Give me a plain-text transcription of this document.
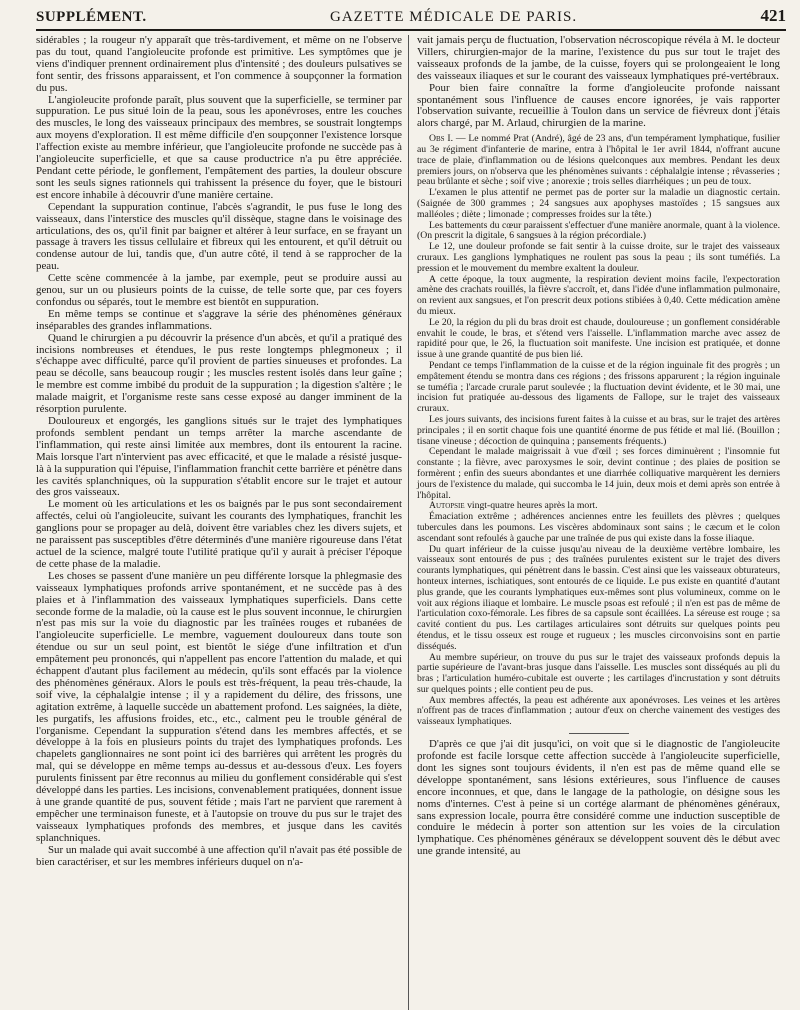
SUPPLÉMENT.	GAZETTE MÉDICALE DE PARIS.	421

sidérables ; la rougeur n'y apparaît que très-tardivement, et même on ne l'observe pas du tout, quand l'angioleucite profonde est primitive. Les symptômes que je viens d'indiquer prennent ordinairement plus d'intensité ; des douleurs pulsatives se font sentir, des frissons apparaissent, et l'on commence à soupçonner la formation du pus.

L'angioleucite profonde paraît, plus souvent que la superficielle, se terminer par suppuration. Le pus situé loin de la peau, sous les aponévroses, entre les couches des muscles, le long des vaisseaux principaux des membres, se soustrait longtemps aux moyens d'exploration. Il est même difficile d'en soupçonner l'existence lorsque l'affection existe au membre inférieur, que l'angioleucite profonde ne succède pas à l'angioleucite superficielle, et que sa cause productrice n'a pu être appréciée. Pendant cette période, le gonflement, l'empâtement des parties, la douleur obscure sont les seuls signes rationnels qui trahissent la présence du foyer, que le bistouri est encore inhabile à découvrir d'une manière certaine.

Cependant la suppuration continue, l'abcès s'agrandit, le pus fuse le long des vaisseaux, dans l'interstice des muscles qu'il dissèque, stagne dans le voisinage des articulations, des os, qu'il finit par baigner et altérer à leur surface, en se frayant un passage à travers les tissus cellulaire et fibreux qui les entourent, et qu'il détruit ou condense autour de lui, tandis que, d'un autre côté, il tend à se rapprocher de la peau.

Cette scène commencée à la jambe, par exemple, peut se produire aussi au genou, sur un ou plusieurs points de la cuisse, de telle sorte que, par ces foyers confondus ou séparés, tout le membre est bientôt en suppuration.

En même temps se continue et s'aggrave la série des phénomènes généraux inséparables des grandes inflammations.

Quand le chirurgien a pu découvrir la présence d'un abcès, et qu'il a pratiqué des incisions nombreuses et étendues, le pus reste longtemps phlegmoneux ; il s'échappe avec difficulté, parce qu'il provient de parties sinueuses et profondes. La peau se décolle, sans beaucoup rougir ; les muscles restent isolés dans leur gaîne ; le membre est comme imbibé du produit de la suppuration ; la digestion s'altère ; le malade maigrit, et l'organisme reste sans cesse exposé au danger imminent de la résorption purulente.

Douloureux et engorgés, les ganglions situés sur le trajet des lymphatiques profonds semblent pendant un temps arrêter la marche ascendante de l'inflammation, qui reste ainsi limitée aux membres, dont ils entourent la racine. Mais lorsque l'art n'intervient pas avec efficacité, et que le malade a résisté jusque-là à la suppuration qui l'épuise, l'inflammation franchit cette barrière et pénètre dans les cavités splanchniques, où la suppuration s'établit encore sur le trajet et autour des gros vaisseaux.

Le moment où les articulations et les os baignés par le pus sont secondairement affectés, celui où l'angioleucite, suivant les courants des lymphatiques, franchit les ganglions pour se propager au delà, doivent être variables chez les divers sujets, et ne paraissent pas susceptibles d'être déterminés d'une manière rigoureuse dans l'état actuel de la science, malgré toute l'utilité pratique qu'il y aurait à préciser l'époque de cette phase de la maladie.

Les choses se passent d'une manière un peu différente lorsque la phlegmasie des vaisseaux lymphatiques profonds arrive spontanément, et ne succède pas à des plaies et à l'inflammation des vaisseaux lymphatiques superficiels. Dans cette seconde forme de la maladie, où la cause est le plus souvent inconnue, le chirurgien n'est pas mis sur la voie du diagnostic par les traînées rouges et rubanées de l'angioleucite superficielle. Le membre, vaguement douloureux dans toute son étendue ou sur un seul point, est bientôt le siége d'une infiltration et d'un empâtement peu prononcés, qui n'appellent pas encore l'attention du malade, et qui échappent d'autant plus facilement au médecin, qu'ils sont effacés par la violence des phénomènes généraux. Alors le pouls est très-fréquent, la peau très-chaude, la soif vive, la céphalalgie intense ; il y a rapidement du délire, des frissons, une agitation extrême, à laquelle succède un abattement profond. Les saignées, la diète, les purgatifs, les affusions froides, etc., etc., calment peu le trouble général de l'organisme. Cependant la suppuration s'étend dans les membres affectés, et se développe à la fois en plusieurs points du trajet des lymphatiques profonds. Les chapelets ganglionnaires ne sont point ici des barrières qui arrêtent les progrès du mal, qui se développe en même temps au-dessus et au-dessous d'eux. Les foyers purulents finissent par être reconnus au milieu du gonflement considérable qui s'est développé dans les parties. Les incisions, convenablement pratiquées, donnent issue à une grande quantité de pus, souvent fétide ; mais l'art ne parvient que rarement à empêcher une terminaison funeste, et à l'autopsie on trouve du pus sur le trajet des vaisseaux lymphatiques profonds des membres, et jusque dans les cavités splanchniques.

Sur un malade qui avait succombé à une affection qu'il n'avait pas été possible de bien caractériser, et sur les membres inférieurs duquel on n'a-

vait jamais perçu de fluctuation, l'observation nécroscopique révéla à M. le docteur Villers, chirurgien-major de la marine, l'existence du pus sur tout le trajet des vaisseaux profonds de la jambe, de la cuisse, foyers qui se prolongeaient le long des vaisseaux iliaques et sur le courant des vaisseaux lymphatiques pré-vertébraux.

Pour bien faire connaître la forme d'angioleucite profonde naissant spontanément sous l'influence de causes encore ignorées, je vais rapporter l'observation suivante, recueillie à Toulon dans un service de fiévreux dont j'étais alors chargé, par M. Arlaud, chirurgien de la marine.

Obs I. — Le nommé Prat (André), âgé de 23 ans, d'un tempérament lymphatique, fusilier au 3e régiment d'infanterie de marine, entra à l'hôpital le 1er avril 1844, n'offrant aucune trace de plaie, d'inflammation ou de lésions quelconques aux membres. Pendant les deux premiers jours, on n'observa que les phénomènes suivants : céphalalgie intense ; rêvasseries ; peau brûlante et sèche ; soif vive ; anorexie ; trois selles diarrhéiques ; un peu de toux.

L'examen le plus attentif ne permet pas de porter sur la maladie un diagnostic certain. (Saignée de 300 grammes ; 24 sangsues aux apophyses mastoïdes ; 15 sangsues aux malléoles ; diète ; limonade ; compresses froides sur la tête.)

Les battements du cœur paraissent s'effectuer d'une manière anormale, quant à la violence. (On prescrit la digitale, 6 sangsues à la région précordiale.)

Le 12, une douleur profonde se fait sentir à la cuisse droite, sur le trajet des vaisseaux cruraux. Les ganglions lymphatiques ne roulent pas sous la peau ; ils sont tuméfiés. La pression et le mouvement du membre exaltent la douleur.

A cette époque, la toux augmente, la respiration devient moins facile, l'expectoration amène des crachats rouillés, la fièvre s'accroît, et, dans l'idée d'une inflammation pulmonaire, on revient aux sangsues, et l'on prescrit deux potions stibiées à 0,40. Cette médication amène du mieux.

Le 20, la région du pli du bras droit est chaude, douloureuse ; un gonflement considérable envahit le coude, le bras, et s'étend vers l'aisselle. L'inflammation marche avec assez de rapidité pour que, le 26, la fluctuation soit manifeste. Une incision est pratiquée, et donne issue à une grande quantité de pus bien lié.

Pendant ce temps l'inflammation de la cuisse et de la région inguinale fit des progrès ; un empâtement étendu se montra dans ces régions ; des frissons apparurent ; la région inguinale se tuméfia ; l'arcade crurale parut soulevée ; la fluctuation devint évidente, et le 30 mai, une incision fut pratiquée au-dessous des ligaments de Fallope, sur le trajet des vaisseaux cruraux.

Les jours suivants, des incisions furent faites à la cuisse et au bras, sur le trajet des artères principales ; il en sortit chaque fois une quantité énorme de pus fétide et mal lié. (Bouillon ; tisane vineuse ; décoction de quinquina ; pansements fréquents.)

Cependant le malade maigrissait à vue d'œil ; ses forces diminuèrent ; l'insomnie fut constante ; la fièvre, avec paroxysmes le soir, devint continue ; des plaies de position se formèrent ; enfin des sueurs abondantes et une diarrhée colliquative marquèrent les derniers jours de l'existence du malade, qui succomba le 14 juin, deux mois et demi après son entrée à l'hôpital.

Autopsie vingt-quatre heures après la mort.

Émaciation extrême ; adhérences anciennes entre les feuillets des plèvres ; quelques tubercules dans les poumons. Les viscères abdominaux sont sains ; le cæcum et le colon ascendant sont refoulés à gauche par une traînée de pus qui existe dans la fosse iliaque.

Du quart inférieur de la cuisse jusqu'au niveau de la deuxième vertèbre lombaire, les vaisseaux sont entourés de pus ; des traînées purulentes existent sur le trajet des divers courants lymphatiques, qui pénètrent dans le bassin. C'est ainsi que les vaisseaux obturateurs, honteux internes, ischiatiques, sont entourés de ce liquide. Le pus existe en quantité d'autant plus grande, que les courants lymphatiques eux-mêmes sont plus volumineux, comme on le voit aux régions iliaque et lombaire. Le muscle psoas est refoulé ; il n'en est pas de même de l'articulation coxo-fémorale. Les fibres de sa capsule sont écaillées. La séreuse est rouge ; sa cavité contient du pus. Les cartilages articulaires sont détruits sur quelques points peu étendus, et le tissu osseux est rouge et rugueux ; les muscles circonvoisins sont en partie disséqués.

Au membre supérieur, on trouve du pus sur le trajet des vaisseaux profonds depuis la partie supérieure de l'avant-bras jusque dans l'aisselle. Les muscles sont disséqués au pli du bras ; l'articulation huméro-cubitale est ouverte ; les cartilages d'incrustation y sont détruits sur quelques points ; elle contient peu de pus.

Aux membres affectés, la peau est adhérente aux aponévroses. Les veines et les artères n'offrent pas de traces d'inflammation ; autour d'eux on cherche vainement des vestiges des vaisseaux lymphatiques.

D'après ce que j'ai dit jusqu'ici, on voit que si le diagnostic de l'angioleucite profonde est facile lorsque cette affection succède à l'angioleucite superficielle, dont les signes sont toujours évidents, il n'en est pas de même quand elle se développe spontanément, sans lésions extérieures, sous l'influence de causes encore inconnues, et que, dans le langage de la pathologie, on désigne sous les noms d'internes. C'est à peine si un cortége alarmant de phénomènes généraux, sans expression locale, pourra être considéré comme une induction susceptible de conduire le médecin à porter son attention sur les voies de la circulation lymphatique. Ces phénomènes généraux se développent souvent dès le début avec une grande intensité, au
